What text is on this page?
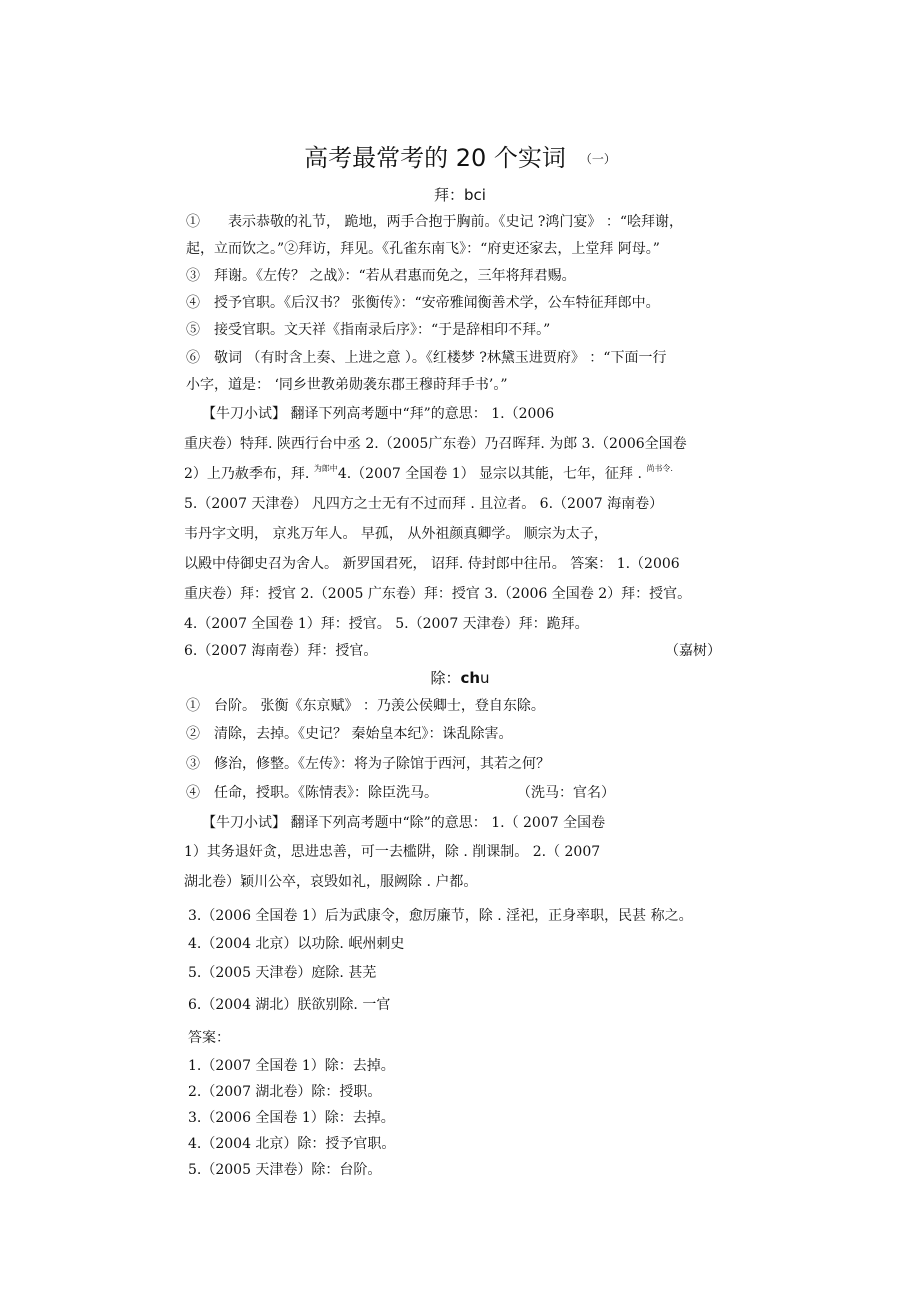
高考最常考的 20 个实词 （一）
拜：bci
①　　表示恭敬的礼节， 跪地，两手合抱于胸前。《史记 ?鸿门宴》 ：“哙拜谢，
起，立而饮之。”②拜访，拜见。《孔雀东南飞》：“府吏还家去，上堂拜 阿母。”
③　拜谢。《左传？ 之战》：“若从君惠而免之，三年将拜君赐。
④　授予官职。《后汉书？ 张衡传》：“安帝雅闻衡善术学，公车特征拜郎中。
⑤　接受官职。文天祥《指南录后序》：“于是辞相印不拜。”
⑥　敬词 （有时含上奏、上进之意 ）。《红楼梦 ?林黛玉进贾府》 ：“下面一行
小字，道是： ‘同乡世教弟勋袭东郡王穆莳拜手书’。”
【牛刀小试】 翻译下列高考题中“拜”的意思： 1.（2006
重庆卷）特拜. 陕西行台中丞 2.（2005广东卷）乃召晖拜. 为郎 3.（2006全国卷
2）上乃赦季布，拜. $^{为郎中}$4.（2007 全国卷 1） 显宗以其能，七年，征拜 . $^{尚书令.}$
5.（2007 天津卷） 凡四方之士无有不过而拜 . 且泣者。 6.（2007 海南卷）
韦丹字文明， 京兆万年人。 早孤， 从外祖颜真卿学。 顺宗为太子，
以殿中侍御史召为舍人。 新罗国君死， 诏拜. 侍封郎中往吊。 答案： 1.（2006
重庆卷）拜：授官 2.（2005 广东卷）拜：授官 3.（2006 全国卷 2）拜：授官。
4.（2007 全国卷 1）拜：授官。 5.（2007 天津卷）拜：跪拜。
6.（2007 海南卷）拜：授官。	（嘉树）
除：chu
①　台阶。 张衡《东京赋》 ：乃羡公侯卿士，登自东除。
②　清除，去掉。《史记？ 秦始皇本纪》：诛乱除害。
③　修治，修整。《左传》：将为子除馆于西河，其若之何？
④　任命，授职。《陈情表》：除臣洗马。	（洗马：官名）
【牛刀小试】 翻译下列高考题中“除”的意思： 1.（ 2007 全国卷
1）其务退奸贪，思进忠善，可一去槛阱，除 . 削课制。 2.（ 2007
湖北卷）颖川公卒，哀毁如礼，服阙除 . 户都。
3.（2006 全国卷 1）后为武康令，愈厉廉节，除 . 淫祀，正身率职，民甚 称之。
4.（2004 北京）以功除. 岷州刺史
5.（2005 天津卷）庭除. 甚芜
6.（2004 湖北）朕欲别除. 一官
答案：
1.（2007 全国卷 1）除：去掉。
2.（2007 湖北卷）除：授职。
3.（2006 全国卷 1）除：去掉。
4.（2004 北京）除：授予官职。
5.（2005 天津卷）除：台阶。
